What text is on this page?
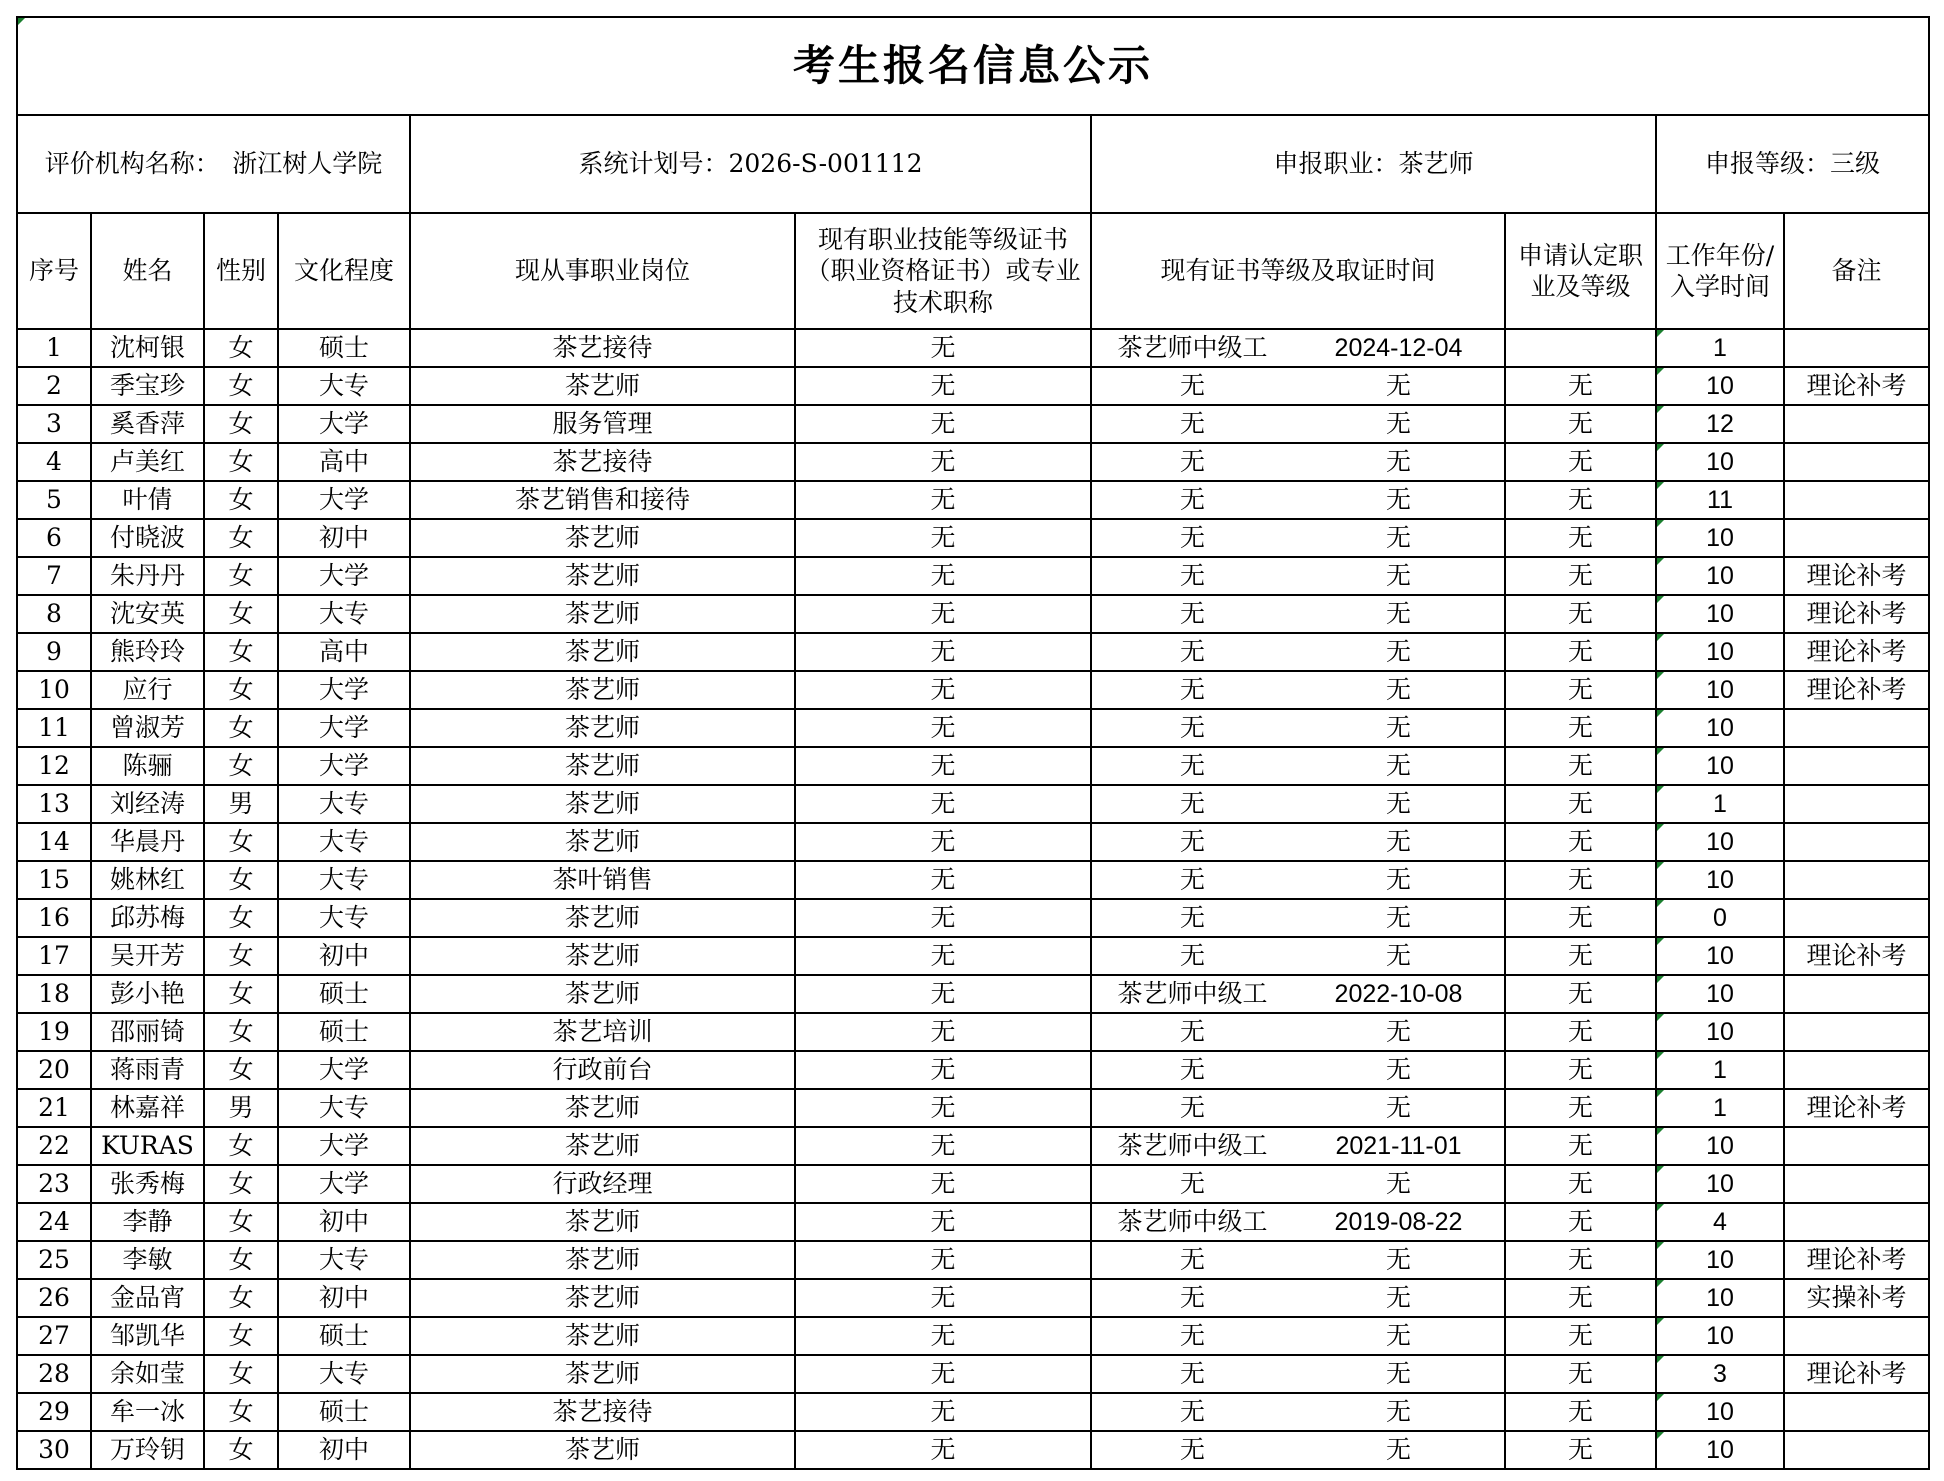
考生报名信息公示										
评价机构名称：　浙江树人学院				系统计划号：2026-S-001112		申报职业：茶艺师			申报等级：三级	
序号	姓名	性别	文化程度	现从事职业岗位	现有职业技能等级证书（职业资格证书）或专业技术职称	现有证书等级及取证时间		申请认定职业及等级	工作年份/入学时间	备注
1	沈柯银	女	硕士	茶艺接待	无	茶艺师中级工	2024-12-04		1	
2	季宝珍	女	大专	茶艺师	无	无	无	无	10	理论补考
3	奚香萍	女	大学	服务管理	无	无	无	无	12	
4	卢美红	女	高中	茶艺接待	无	无	无	无	10	
5	叶倩	女	大学	茶艺销售和接待	无	无	无	无	11	
6	付晓波	女	初中	茶艺师	无	无	无	无	10	
7	朱丹丹	女	大学	茶艺师	无	无	无	无	10	理论补考
8	沈安英	女	大专	茶艺师	无	无	无	无	10	理论补考
9	熊玲玲	女	高中	茶艺师	无	无	无	无	10	理论补考
10	应行	女	大学	茶艺师	无	无	无	无	10	理论补考
11	曾淑芳	女	大学	茶艺师	无	无	无	无	10	
12	陈骊	女	大学	茶艺师	无	无	无	无	10	
13	刘经涛	男	大专	茶艺师	无	无	无	无	1	
14	华晨丹	女	大专	茶艺师	无	无	无	无	10	
15	姚林红	女	大专	茶叶销售	无	无	无	无	10	
16	邱苏梅	女	大专	茶艺师	无	无	无	无	0	
17	吴开芳	女	初中	茶艺师	无	无	无	无	10	理论补考
18	彭小艳	女	硕士	茶艺师	无	茶艺师中级工	2022-10-08	无	10	
19	邵丽锜	女	硕士	茶艺培训	无	无	无	无	10	
20	蒋雨青	女	大学	行政前台	无	无	无	无	1	
21	林嘉祥	男	大专	茶艺师	无	无	无	无	1	理论补考
22	KURAS	女	大学	茶艺师	无	茶艺师中级工	2021-11-01	无	10	
23	张秀梅	女	大学	行政经理	无	无	无	无	10	
24	李静	女	初中	茶艺师	无	茶艺师中级工	2019-08-22	无	4	
25	李敏	女	大专	茶艺师	无	无	无	无	10	理论补考
26	金品宵	女	初中	茶艺师	无	无	无	无	10	实操补考
27	邹凯华	女	硕士	茶艺师	无	无	无	无	10	
28	余如莹	女	大专	茶艺师	无	无	无	无	3	理论补考
29	牟一冰	女	硕士	茶艺接待	无	无	无	无	10	
30	万玲钥	女	初中	茶艺师	无	无	无	无	10	
